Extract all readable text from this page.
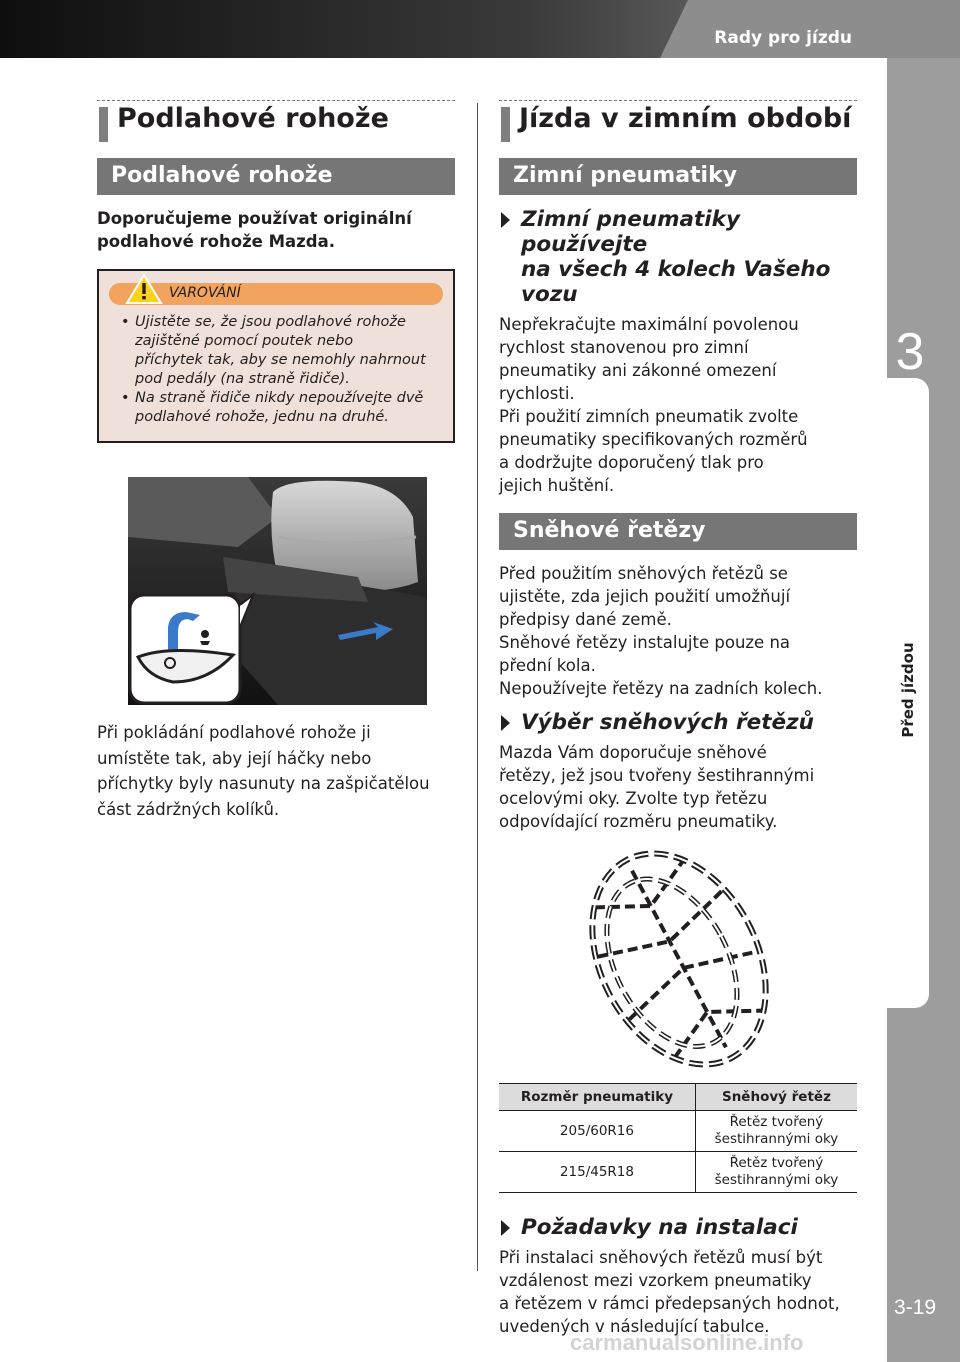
Rady pro jízdu
3
Před jízdou
3-19
carmanualsonline.info
Podlahové rohože
Podlahové rohože
Doporučujeme používat originální
podlahové rohože Mazda.
VAROVÁNÍ
• Ujistěte se, že jsou podlahové rohože
zajištěné pomocí poutek nebo
příchytek tak, aby se nemohly nahrnout
pod pedály (na straně řidiče).
• Na straně řidiče nikdy nepoužívejte dvě
podlahové rohože, jednu na druhé.
Při pokládání podlahové rohože ji
umístěte tak, aby její háčky nebo
příchytky byly nasunuty na zašpičatělou
část zádržných kolíků.
Jízda v zimním období
Zimní pneumatiky
Zimní pneumatiky používejte
na všech 4 kolech Vašeho vozu
Nepřekračujte maximální povolenou
rychlost stanovenou pro zimní
pneumatiky ani zákonné omezení
rychlosti.
Při použití zimních pneumatik zvolte
pneumatiky specifikovaných rozměrů
a dodržujte doporučený tlak pro
jejich huštění.
Sněhové řetězy
Před použitím sněhových řetězů se
ujistěte, zda jejich použití umožňují
předpisy dané země.
Sněhové řetězy instalujte pouze na
přední kola.
Nepoužívejte řetězy na zadních kolech.
Výběr sněhových řetězů
Mazda Vám doporučuje sněhové
řetězy, jež jsou tvořeny šestihrannými
ocelovými oky. Zvolte typ řetězu
odpovídající rozměru pneumatiky.
Rozměr pneumatiky	Sněhový řetěz
205/60R16	Řetěz tvořený
šestihrannými oky

215/45R18	Řetěz tvořený
šestihrannými oky
Požadavky na instalaci
Při instalaci sněhových řetězů musí být
vzdálenost mezi vzorkem pneumatiky
a řetězem v rámci předepsaných hodnot,
uvedených v následující tabulce.
